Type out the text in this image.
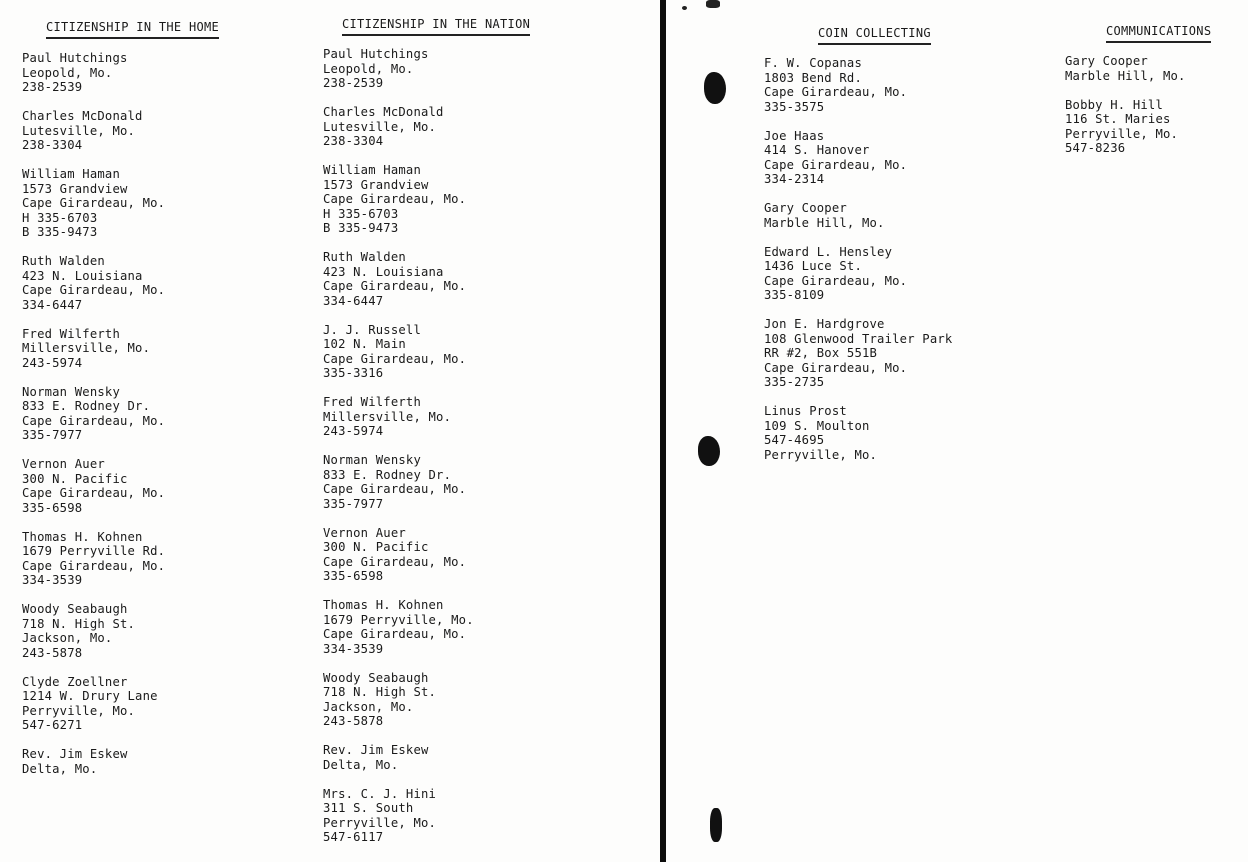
CITIZENSHIP IN THE HOME
Paul Hutchings
Leopold, Mo.
238-2539
Charles McDonald
Lutesville, Mo.
238-3304
William Haman
1573 Grandview
Cape Girardeau, Mo.
H 335-6703
B 335-9473
Ruth Walden
423 N. Louisiana
Cape Girardeau, Mo.
334-6447
Fred Wilferth
Millersville, Mo.
243-5974
Norman Wensky
833 E. Rodney Dr.
Cape Girardeau, Mo.
335-7977
Vernon Auer
300 N. Pacific
Cape Girardeau, Mo.
335-6598
Thomas H. Kohnen
1679 Perryville Rd.
Cape Girardeau, Mo.
334-3539
Woody Seabaugh
718 N. High St.
Jackson, Mo.
243-5878
Clyde Zoellner
1214 W. Drury Lane
Perryville, Mo.
547-6271
Rev. Jim Eskew
Delta, Mo.
CITIZENSHIP IN THE NATION
Paul Hutchings
Leopold, Mo.
238-2539
Charles McDonald
Lutesville, Mo.
238-3304
William Haman
1573 Grandview
Cape Girardeau, Mo.
H 335-6703
B 335-9473
Ruth Walden
423 N. Louisiana
Cape Girardeau, Mo.
334-6447
J. J. Russell
102 N. Main
Cape Girardeau, Mo.
335-3316
Fred Wilferth
Millersville, Mo.
243-5974
Norman Wensky
833 E. Rodney Dr.
Cape Girardeau, Mo.
335-7977
Vernon Auer
300 N. Pacific
Cape Girardeau, Mo.
335-6598
Thomas H. Kohnen
1679 Perryville, Mo.
Cape Girardeau, Mo.
334-3539
Woody Seabaugh
718 N. High St.
Jackson, Mo.
243-5878
Rev. Jim Eskew
Delta, Mo.
Mrs. C. J. Hini
311 S. South
Perryville, Mo.
547-6117
COIN COLLECTING
F. W. Copanas
1803 Bend Rd.
Cape Girardeau, Mo.
335-3575
Joe Haas
414 S. Hanover
Cape Girardeau, Mo.
334-2314
Gary Cooper
Marble Hill, Mo.
Edward L. Hensley
1436 Luce St.
Cape Girardeau, Mo.
335-8109
Jon E. Hardgrove
108 Glenwood Trailer Park
RR #2, Box 551B
Cape Girardeau, Mo.
335-2735
Linus Prost
109 S. Moulton
547-4695
Perryville, Mo.
COMMUNICATIONS
Gary Cooper
Marble Hill, Mo.
Bobby H. Hill
116 St. Maries
Perryville, Mo.
547-8236
